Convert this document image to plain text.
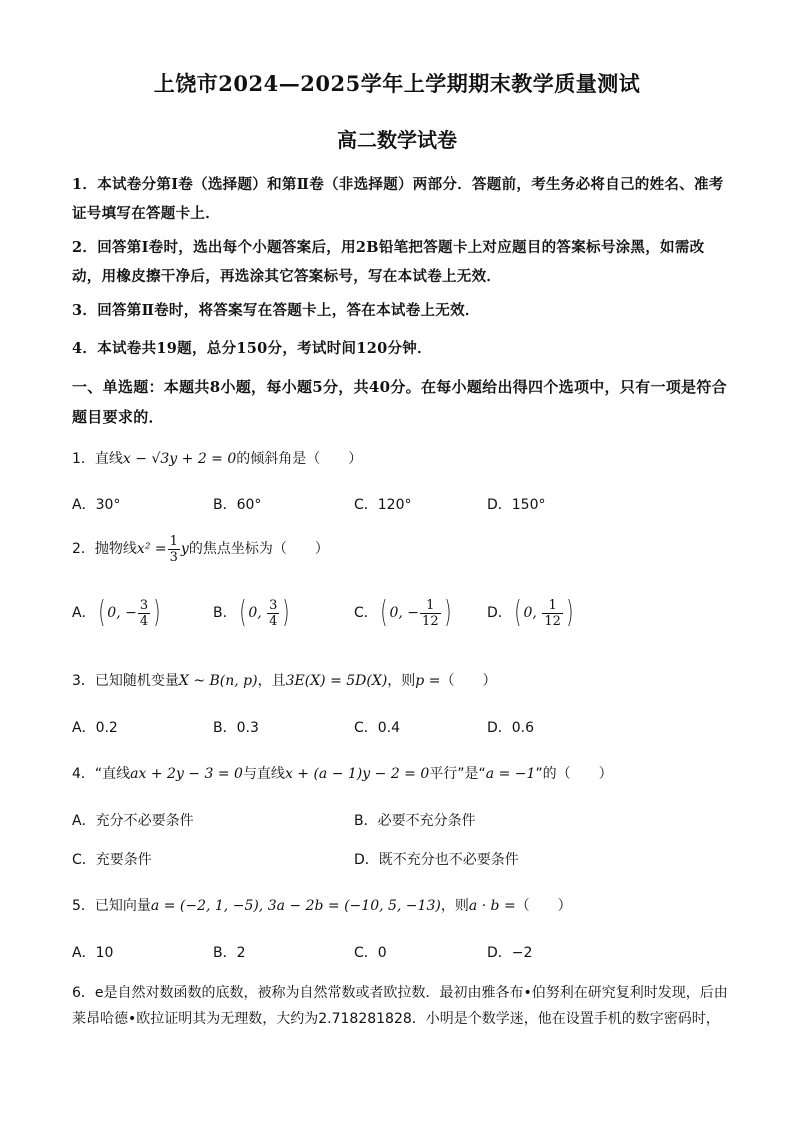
上饶市2024—2025学年上学期期末教学质量测试
高二数学试卷
1．本试卷分第Ⅰ卷（选择题）和第Ⅱ卷（非选择题）两部分．答题前，考生务必将自己的姓名、准考证号填写在答题卡上．
2．回答第Ⅰ卷时，选出每个小题答案后，用2B铅笔把答题卡上对应题目的答案标号涂黑，如需改动，用橡皮擦干净后，再选涂其它答案标号，写在本试卷上无效．
3．回答第Ⅱ卷时，将答案写在答题卡上，答在本试卷上无效．
4．本试卷共19题，总分150分，考试时间120分钟．
一、单选题：本题共8小题，每小题5分，共40分。在每小题给出得四个选项中，只有一项是符合题目要求的．
1．直线x − √3y + 2 = 0的倾斜角是（　　）
A．30°	B．60°	C．120°	D．150°
2．抛物线$x^2 = \frac{1}{3}$ y的焦点坐标为（　　）
A．( 0, − $\frac{3}{4}$ )	B．( 0, $\frac{3}{4}$ )	C．( 0, − $\frac{1}{12}$ )	D．( 0, $\frac{1}{12}$ )
3．已知随机变量X ~ B(n, p)，且3E(X) = 5D(X)，则p =（　　）
A．0.2	B．0.3	C．0.4	D．0.6
4．“直线ax + 2y − 3 = 0与直线x + (a − 1)y − 2 = 0平行”是“a = −1”的（　　）
A．充分不必要条件	B．必要不充分条件
C．充要条件	D．既不充分也不必要条件
5．已知向量a = (−2, 1, −5), 3a − 2b = (−10, 5, −13)，则a · b =（　　）
A．10	B．2	C．0	D．−2
6．e是自然对数函数的底数，被称为自然常数或者欧拉数．最初由雅各布•伯努利在研究复利时发现，后由莱昂哈德•欧拉证明其为无理数，大约为2.718281828．小明是个数学迷，他在设置手机的数字密码时，
